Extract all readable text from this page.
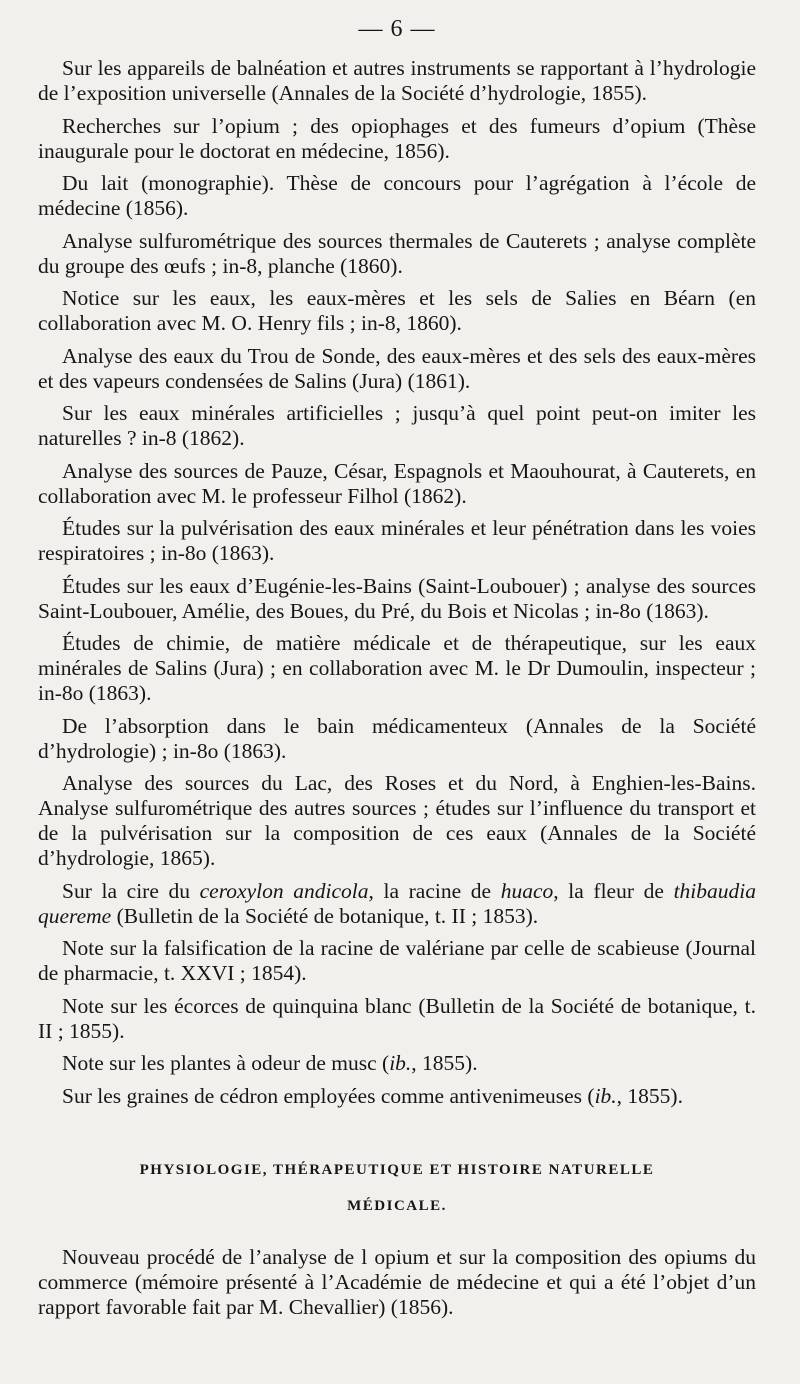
— 6 —

Sur les appareils de balnéation et autres instruments se rapportant à l’hydrologie de l’exposition universelle (Annales de la Société d’hydrologie, 1855).

Recherches sur l’opium ; des opiophages et des fumeurs d’opium (Thèse inaugurale pour le doctorat en médecine, 1856).

Du lait (monographie). Thèse de concours pour l’agrégation à l’école de médecine (1856).

Analyse sulfurométrique des sources thermales de Cauterets ; analyse complète du groupe des œufs ; in-8, planche (1860).

Notice sur les eaux, les eaux-mères et les sels de Salies en Béarn (en collaboration avec M. O. Henry fils ; in-8, 1860).

Analyse des eaux du Trou de Sonde, des eaux-mères et des sels des eaux-mères et des vapeurs condensées de Salins (Jura) (1861).

Sur les eaux minérales artificielles ; jusqu’à quel point peut-on imiter les naturelles ? in-8 (1862).

Analyse des sources de Pauze, César, Espagnols et Maouhourat, à Cauterets, en collaboration avec M. le professeur Filhol (1862).

Études sur la pulvérisation des eaux minérales et leur pénétration dans les voies respiratoires ; in-8o (1863).

Études sur les eaux d’Eugénie-les-Bains (Saint-Loubouer) ; analyse des sources Saint-Loubouer, Amélie, des Boues, du Pré, du Bois et Nicolas ; in-8o (1863).

Études de chimie, de matière médicale et de thérapeutique, sur les eaux minérales de Salins (Jura) ; en collaboration avec M. le Dr Dumoulin, inspecteur ; in-8o (1863).

De l’absorption dans le bain médicamenteux (Annales de la Société d’hydrologie) ; in-8o (1863).

Analyse des sources du Lac, des Roses et du Nord, à Enghien-les-Bains. Analyse sulfurométrique des autres sources ; études sur l’influence du transport et de la pulvérisation sur la composition de ces eaux (Annales de la Société d’hydrologie, 1865).

Sur la cire du ceroxylon andicola, la racine de huaco, la fleur de thibaudia quereme (Bulletin de la Société de botanique, t. II ; 1853).

Note sur la falsification de la racine de valériane par celle de scabieuse (Journal de pharmacie, t. XXVI ; 1854).

Note sur les écorces de quinquina blanc (Bulletin de la Société de botanique, t. II ; 1855).

Note sur les plantes à odeur de musc (ib., 1855).

Sur les graines de cédron employées comme antivenimeuses (ib., 1855).

PHYSIOLOGIE, THÉRAPEUTIQUE ET HISTOIRE NATURELLE
MÉDICALE.

Nouveau procédé de l’analyse de l opium et sur la composition des opiums du commerce (mémoire présenté à l’Académie de médecine et qui a été l’objet d’un rapport favorable fait par M. Chevallier) (1856).
